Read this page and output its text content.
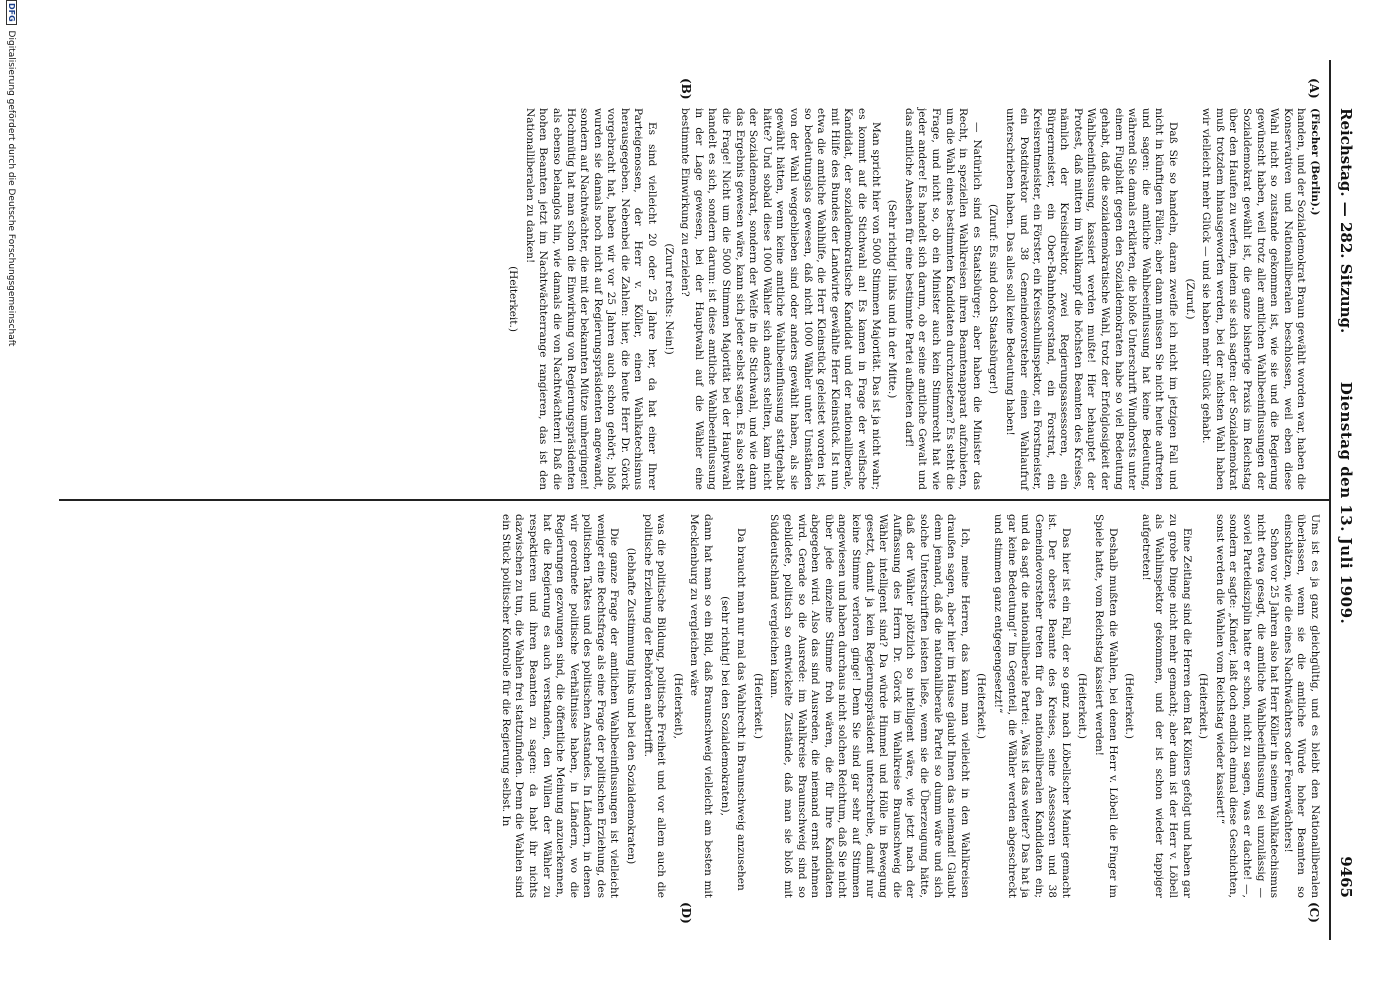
Reichstag. — 282. Sitzung.
Dienstag den 13. Juli 1909.
9465
(A)
(B)
(C)
(D)

(Fischer (Berlin).)

handen, und der Sozialdemokrat Braun gewählt worden war, haben die Konservativen und Nationalliberalen beschlossen, weil eben diese Wahl nicht so zustande gekommen ist, wie sie und die Regierung gewünscht haben, weil trotz aller amtlichen Wahlbeeinflussungen der Sozialdemokrat gewählt ist, die ganze bisherige Praxis im Reichstag über den Haufen zu werfen, indem sie sich sagten: der Sozialdemokrat muß trotzdem hinausgeworfen werden, bei der nächsten Wahl haben wir vielleicht mehr Glück — und sie haben mehr Glück gehabt.

(Zuruf.)

Daß Sie so handeln, daran zweifle ich nicht im jetzigen Fall und nicht in künftigen Fällen; aber dann müssen Sie nicht heute auftreten und sagen: die amtliche Wahlbeeinflussung hat keine Bedeutung, während Sie damals erklärten, die bloße Unterschrift Windhorsts unter einem Flugblatt gegen den Sozialdemokraten habe so viel Bedeutung gehabt, daß die sozialdemokratische Wahl, trotz der Erfolglosigkeit der Wahlbeeinflussung, kassiert werden mußte! Hier behauptet der Protest, daß mitten im Wahlkampf die höchsten Beamten des Kreises, nämlich der Kreisdirektor, zwei Regierungsassessoren, ein Bürgermeister, ein Ober-Bahnhofsvorstand, ein Forstrat, ein Kreisrentmeister, ein Förster, ein Kreisschulinspektor, ein Forstmeister, ein Postdirektor und 38 Gemeindevorsteher einen Wahlaufruf unterschrieben haben. Das alles soll keine Bedeutung haben!

(Zuruf: Es sind doch Staatsbürger!)

— Natürlich sind es Staatsbürger; aber haben die Minister das Recht, in speziellen Wahlkreisen ihren Beamtenapparat aufzubieten, um die Wahl eines bestimmten Kandidaten durchzusetzen? Es steht die Frage, und nicht so, ob ein Minister auch kein Stimmrecht hat wie jeder andere! Es handelt sich darum, ob er seine amtliche Gewalt und das amtliche Ansehen für eine bestimmte Partei aufbieten darf!

(Sehr richtig! links und in der Mitte.)

Man spricht hier von 5000 Stimmen Majorität. Das ist ja nicht wahr; es kommt auf die Stichwahl an! Es kamen in Frage der welfische Kandidat, der sozialdemokratische Kandidat und der nationalliberale, mit Hilfe des Bundes der Landwirte gewählte Herr Kleinstück. Ist nun etwa die amtliche Wahlhilfe, die Herr Kleinstück geleistet worden ist, so bedeutungslos gewesen, daß nicht 1000 Wähler unter Umständen von der Wahl weggeblieben sind oder anders gewählt haben, als sie gewählt hätten, wenn keine amtliche Wahlbeeinflussung stattgehabt hätte? Und sobald diese 1000 Wähler sich anders stellten, kam nicht der Sozialdemokrat, sondern der Welfe in die Stichwahl, und wie dann das Ergebnis gewesen wäre, kann sich jeder selbst sagen. Es also steht die Frage! Nicht um die 5000 Stimmen Majorität bei der Hauptwahl handelt es sich, sondern darum: ist diese amtliche Wahlbeeinflussung in der Lage gewesen, bei der Hauptwahl auf die Wähler eine bestimmte Einwirkung zu erzielen?

(Zuruf rechts: Nein!)

Es sind vielleicht 20 oder 25 Jahre her, da hat einer Ihrer Parteigenossen, der Herr v. Köller, einen Wahlkatechismus herausgegeben. Nebenbei die Zahlen: hier, die heute Herr Dr. Görck vorgebracht hat, haben wir vor 25 Jahren auch schon gehört; bloß wurden sie damals noch nicht auf Regierungspräsidenten angewandt, sondern auf Nachtwächter, die mit der bekannten Mütze umhergingen! Hochmütig hat man schon die Einwirkung von Regierungspräsidenten als ebenso belanglos hin, wie damals die von Nachtwächtern! Daß die hohen Beamten jetzt im Nachtwächterrange rangieren, das ist den Nationalliberalen zu danken!

(Heiterkeit.)

Uns ist es ja ganz gleichgültig, und es bleibt den Nationalliberalen überlassen, wenn sie die amtliche Würde hoher Beamten so einschätzen, wie die eines Nachtwächters oder Feuerwächters!

Schon vor 25 Jahren also hat Herr Köller in seinem Wahlkatechismus nicht etwa gesagt, die amtliche Wahlbeeinflussung sei unzulässig — soviel Parteidisziplin hatte er schon, nicht zu sagen, was er dachte! —, sondern er sagte: „Kinder, laßt doch endlich einmal diese Geschichten, sonst werden die Wahlen vom Reichstag wieder kassiert!“

(Heiterkeit.)

Eine Zeitlang sind die Herren dem Rat Köllers gefolgt und haben gar zu grobe Dinge nicht mehr gemacht; aber dann ist der Herr v. Löbell als Wahlinspektor gekommen, und der ist schon wieder tappiger aufgetreten!

(Heiterkeit.)

Deshalb mußten die Wahlen, bei denen Herr v. Löbell die Finger im Spiele hatte, vom Reichstag kassiert werden!

(Heiterkeit.)

Das hier ist ein Fall, der so ganz nach Löbellscher Manier gemacht ist. Der oberste Beamte des Kreises, seine Assessoren und 38 Gemeindevorsteher treten für den nationalliberalen Kandidaten ein; und da sagt die nationalliberale Partei: „Was ist das weiter? Das hat ja gar keine Bedeutung!“ Im Gegenteil, die Wähler werden abgeschreckt und stimmen ganz entgegengesetzt!“

(Heiterkeit.)

Ich, meine Herren, das kann man vielleicht in den Wahlkreisen draußen sagen, aber hier im Hause glaubt Ihnen das niemand! Glaubt denn jemand, daß die nationalliberale Partei so dumm wäre und sich solche Unterschriften leisten ließe, wenn sie die Überzeugung hätte, daß der Wähler plötzlich so intelligent wäre, wie jetzt nach der Auffassung des Herrn Dr. Görck im Wahlkreise Braunschweig die Wähler intelligent sind? Da würde Himmel und Hölle in Bewegung gesetzt, damit ja kein Regierungspräsident unterschreibe, damit nur keine Stimme verloren ginge! Denn Sie sind gar sehr auf Stimmen angewiesen und haben durchaus nicht solchen Reichtum, daß Sie nicht über jede einzelne Stimme froh wären, die für Ihre Kandidaten abgegeben wird. Also das sind Ausreden, die niemand ernst nehmen wird. Gerade so die Ausrede: im Wahlkreise Braunschweig sind so gebildete, politisch so entwickelte Zustände, daß man sie bloß mit Süddeutschland vergleichen kann.

(Heiterkeit.)

Da braucht man nur mal das Wahlrecht in Braunschweig anzusehen

(sehr richtig! bei den Sozialdemokraten),

dann hat man so ein Bild, daß Braunschweig vielleicht am besten mit Mecklenburg zu vergleichen wäre

(Heiterkeit),

was die politische Bildung, politische Freiheit und vor allem auch die politische Erziehung der Behörden anbetrifft.

(lebhafte Zustimmung links und bei den Sozialdemokraten)

Die ganze Frage der amtlichen Wahlbeeinflussungen ist vielleicht weniger eine Rechtsfrage als eine Frage der politischen Erziehung, des politischen Taktes und des politischen Anstandes. In Ländern, in denen wir geordnete politische Verhältnisse haben, in Ländern, wo die Regierungen gezwungen sind, die öffentliche Meinung anzuerkennen, hat die Regierung es auch verstanden, den Willen der Wähler zu respektieren und ihren Beamten zu sagen: da habt ihr nichts dazwischen zu tun, die Wahlen frei stattzufinden. Denn die Wahlen sind ein Stück politischer Kontrolle für die Regierung selbst. In

DFG Digitalisierung gefördert durch die Deutsche Forschungsgemeinschaft
